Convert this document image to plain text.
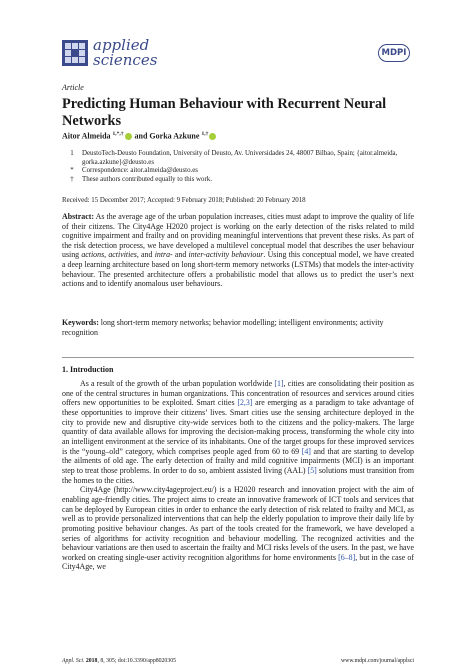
applied
sciences	MDPI
Article
Predicting Human Behaviour with Recurrent Neural Networks
Aitor Almeida $^{1,*,\dagger}$ and Gorka Azkune $^{1,\dagger}$
1	DeustoTech-Deusto Foundation, University of Deusto, Av. Universidades 24, 48007 Bilbao, Spain; {aitor.almeida, gorka.azkune}@deusto.es
*	Correspondence: aitor.almeida@deusto.es
†	These authors contributed equally to this work.
Received: 15 December 2017; Accepted: 9 February 2018; Published: 20 February 2018

Abstract: As the average age of the urban population increases, cities must adapt to improve the quality of life of their citizens. The City4Age H2020 project is working on the early detection of the risks related to mild cognitive impairment and frailty and on providing meaningful interventions that prevent these risks. As part of the risk detection process, we have developed a multilevel conceptual model that describes the user behaviour using actions, activities, and intra- and inter-activity behaviour. Using this conceptual model, we have created a deep learning architecture based on long short-term memory networks (LSTMs) that models the inter-activity behaviour. The presented architecture offers a probabilistic model that allows us to predict the user’s next actions and to identify anomalous user behaviours.

Keywords: long short-term memory networks; behavior modelling; intelligent environments; activity recognition

1. Introduction

As a result of the growth of the urban population worldwide [1], cities are consolidating their position as one of the central structures in human organizations. This concentration of resources and services around cities offers new opportunities to be exploited. Smart cities [2,3] are emerging as a paradigm to take advantage of these opportunities to improve their citizens’ lives. Smart cities use the sensing architecture deployed in the city to provide new and disruptive city-wide services both to the citizens and the policy-makers. The large quantity of data available allows for improving the decision-making process, transforming the whole city into an intelligent environment at the service of its inhabitants. One of the target groups for these improved services is the “young–old” category, which comprises people aged from 60 to 69 [4] and that are starting to develop the ailments of old age. The early detection of frailty and mild cognitive impairments (MCI) is an important step to treat those problems. In order to do so, ambient assisted living (AAL) [5] solutions must transition from the homes to the cities.

City4Age (http://www.city4ageproject.eu/) is a H2020 research and innovation project with the aim of enabling age-friendly cities. The project aims to create an innovative framework of ICT tools and services that can be deployed by European cities in order to enhance the early detection of risk related to frailty and MCI, as well as to provide personalized interventions that can help the elderly population to improve their daily life by promoting positive behaviour changes. As part of the tools created for the framework, we have developed a series of algorithms for activity recognition and behaviour modelling. The recognized activities and the behaviour variations are then used to ascertain the frailty and MCI risks levels of the users. In the past, we have worked on creating single-user activity recognition algorithms for home environments [6–8], but in the case of City4Age, we

Appl. Sci. 2018, 8, 305; doi:10.3390/app8020305	www.mdpi.com/journal/applsci
